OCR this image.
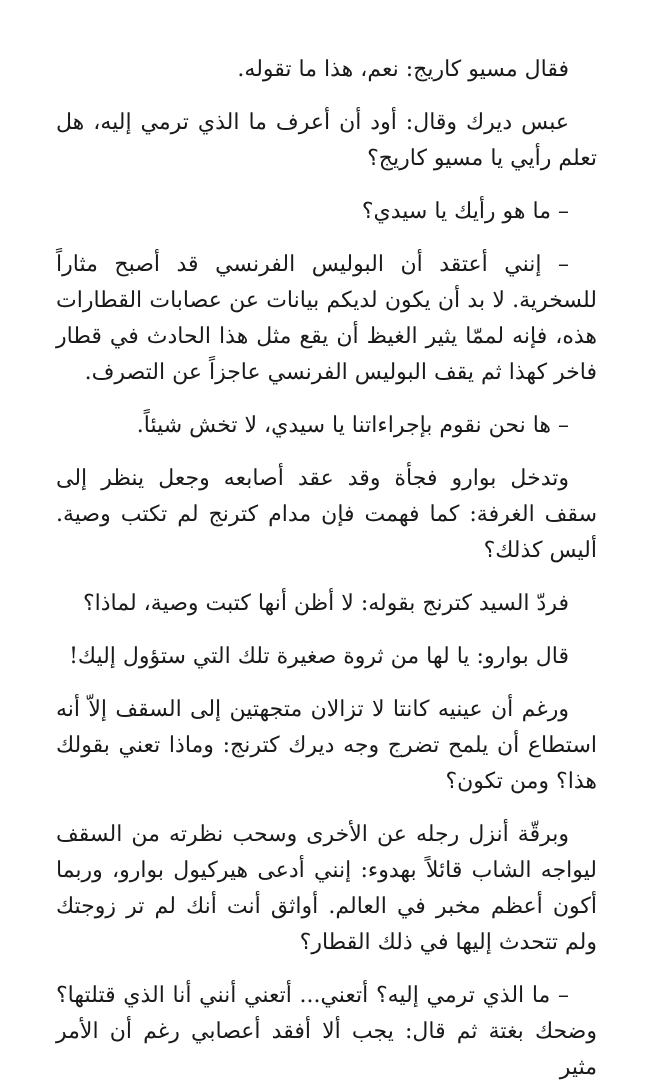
فقال مسيو كاريج: نعم، هذا ما تقوله.

عبس ديرك وقال: أود أن أعرف ما الذي ترمي إليه، هل تعلم رأيي يا مسيو كاريج؟

– ما هو رأيك يا سيدي؟

– إنني أعتقد أن البوليس الفرنسي قد أصبح مثاراً للسخرية. لا بد أن يكون لديكم بيانات عن عصابات القطارات هذه، فإنه لممّا يثير الغيظ أن يقع مثل هذا الحادث في قطار فاخر كهذا ثم يقف البوليس الفرنسي عاجزاً عن التصرف.

– ها نحن نقوم بإجراءاتنا يا سيدي، لا تخش شيئاً.

وتدخل بوارو فجأة وقد عقد أصابعه وجعل ينظر إلى سقف الغرفة: كما فهمت فإن مدام كترنج لم تكتب وصية. أليس كذلك؟

فردّ السيد كترنج بقوله: لا أظن أنها كتبت وصية، لماذا؟

قال بوارو: يا لها من ثروة صغيرة تلك التي ستؤول إليك!

ورغم أن عينيه كانتا لا تزالان متجهتين إلى السقف إلاّ أنه استطاع أن يلمح تضرج وجه ديرك كترنج: وماذا تعني بقولك هذا؟ ومن تكون؟

وبرقّة أنزل رجله عن الأخرى وسحب نظرته من السقف ليواجه الشاب قائلاً بهدوء: إنني أدعى هيركيول بوارو، وربما أكون أعظم مخبر في العالم. أواثق أنت أنك لم تر زوجتك ولم تتحدث إليها في ذلك القطار؟

– ما الذي ترمي إليه؟ أتعني... أتعني أنني أنا الذي قتلتها؟ وضحك بغتة ثم قال: يجب ألا أفقد أعصابي رغم أن الأمر مثير
